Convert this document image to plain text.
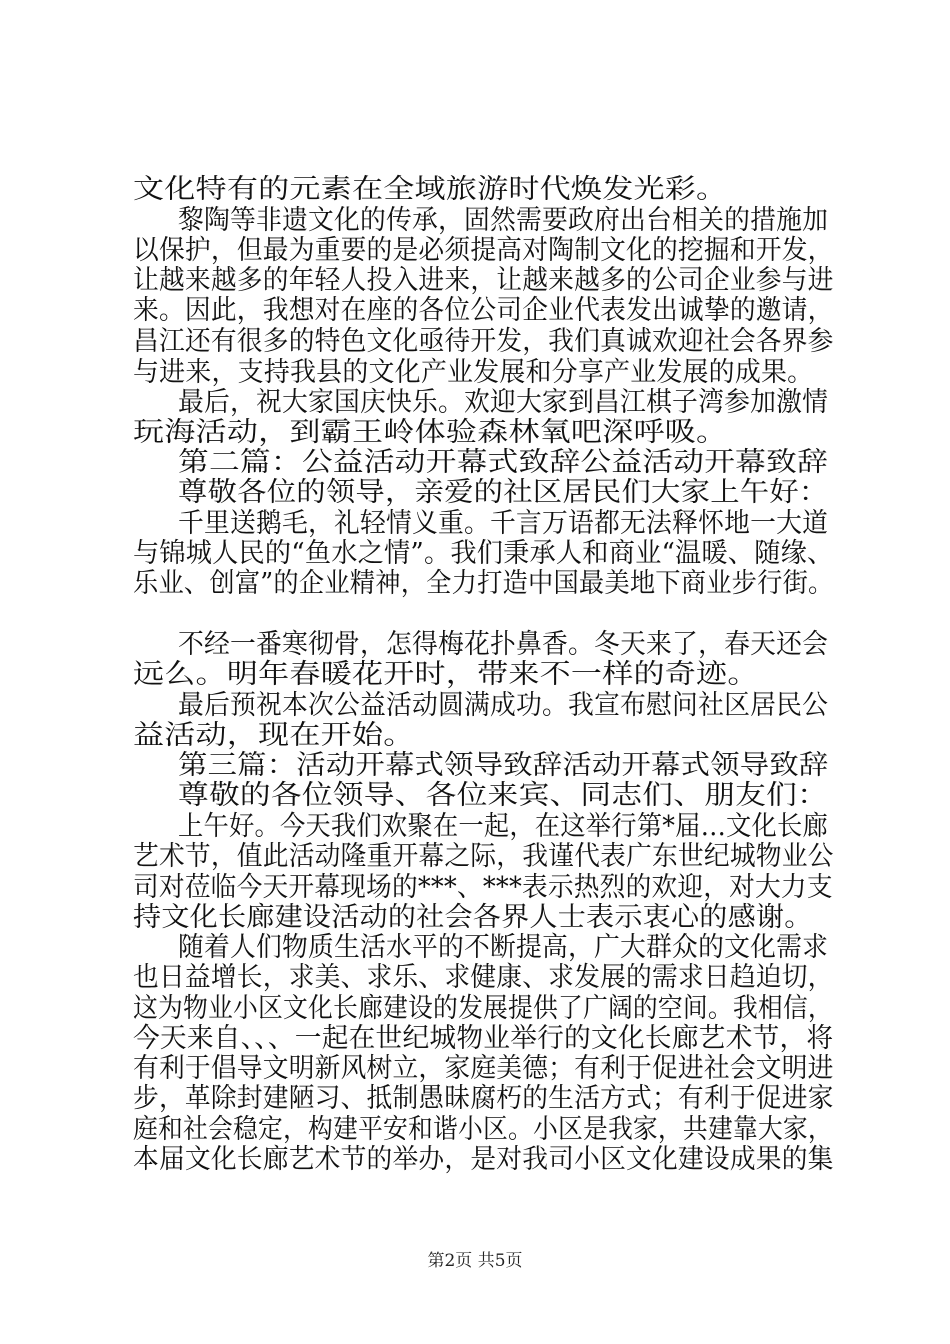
文化特有的元素在全域旅游时代焕发光彩。
黎陶等非遗文化的传承，固然需要政府出台相关的措施加
以保护，但最为重要的是必须提高对陶制文化的挖掘和开发，
让越来越多的年轻人投入进来，让越来越多的公司企业参与进
来。因此，我想对在座的各位公司企业代表发出诚挚的邀请，
昌江还有很多的特色文化亟待开发，我们真诚欢迎社会各界参
与进来，支持我县的文化产业发展和分享产业发展的成果。
最后，祝大家国庆快乐。欢迎大家到昌江棋子湾参加激情
玩海活动，到霸王岭体验森林氧吧深呼吸。
第二篇：公益活动开幕式致辞公益活动开幕致辞
尊敬各位的领导，亲爱的社区居民们大家上午好：
千里送鹅毛，礼轻情义重。千言万语都无法释怀地一大道
与锦城人民的“鱼水之情”。我们秉承人和商业“温暖、随缘、
乐业、创富”的企业精神，全力打造中国最美地下商业步行街。
不经一番寒彻骨，怎得梅花扑鼻香。冬天来了，春天还会
远么。明年春暖花开时，带来不一样的奇迹。
最后预祝本次公益活动圆满成功。我宣布慰问社区居民公
益活动，现在开始。
第三篇：活动开幕式领导致辞活动开幕式领导致辞
尊敬的各位领导、各位来宾、同志们、朋友们：
上午好。今天我们欢聚在一起，在这举行第*届…文化长廊
艺术节，值此活动隆重开幕之际，我谨代表广东世纪城物业公
司对莅临今天开幕现场的***、***表示热烈的欢迎，对大力支
持文化长廊建设活动的社会各界人士表示衷心的感谢。
随着人们物质生活水平的不断提高，广大群众的文化需求
也日益增长，求美、求乐、求健康、求发展的需求日趋迫切，
这为物业小区文化长廊建设的发展提供了广阔的空间。我相信，
今天来自、、、一起在世纪城物业举行的文化长廊艺术节，将
有利于倡导文明新风树立，家庭美德；有利于促进社会文明进
步，革除封建陋习、抵制愚昧腐朽的生活方式；有利于促进家
庭和社会稳定，构建平安和谐小区。小区是我家，共建靠大家，
本届文化长廊艺术节的举办，是对我司小区文化建设成果的集
第2页 共5页
